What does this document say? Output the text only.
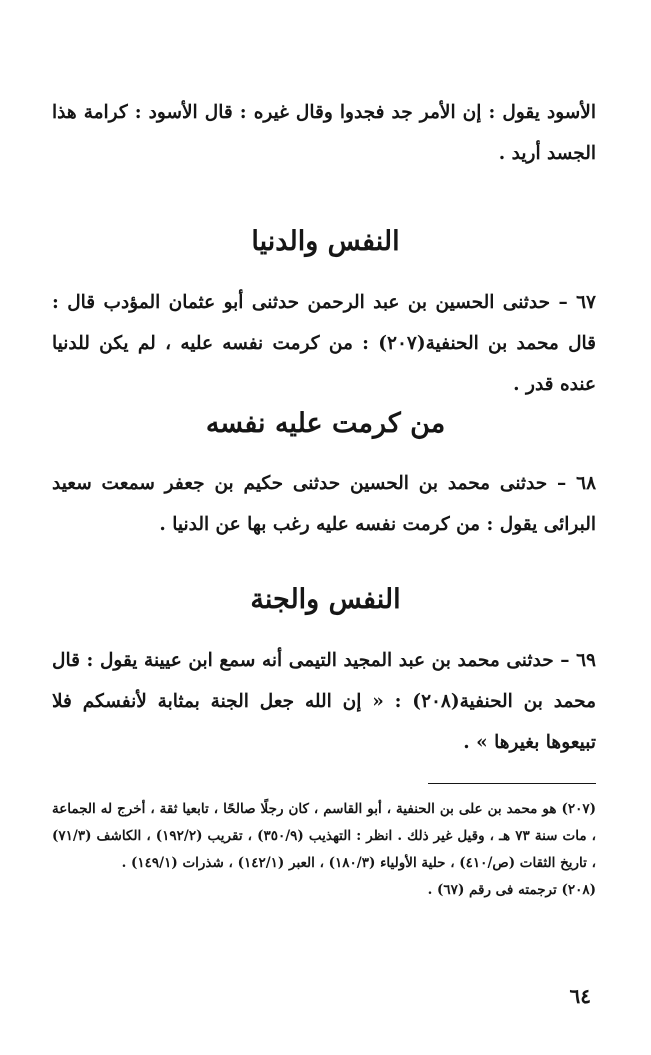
الأسود يقول : إن الأمر جد فجدوا وقال غيره : قال الأسود : كرامة هذا الجسد أريد .

النفس والدنيا

٦٧ – حدثنى الحسين بن عبد الرحمن حدثنى أبو عثمان المؤدب قال : قال محمد بن الحنفية(٢٠٧) : من كرمت نفسه عليه ، لم يكن للدنيا عنده قدر .

من كرمت عليه نفسه

٦٨ – حدثنى محمد بن الحسين حدثنى حكيم بن جعفر سمعت سعيد البرائى يقول : من كرمت نفسه عليه رغب بها عن الدنيا .

النفس والجنة

٦٩ – حدثنى محمد بن عبد المجيد التيمى أنه سمع ابن عيينة يقول : قال محمد بن الحنفية(٢٠٨) : « إن الله جعل الجنة بمثابة لأنفسكم فلا تبيعوها بغيرها » .

(٢٠٧) هو محمد بن على بن الحنفية ، أبو القاسم ، كان رجلًا صالحًا ، تابعيا ثقة ، أخرج له الجماعة ، مات سنة ٧٣ هـ ، وقيل غير ذلك . انظر : التهذيب (٣٥٠/٩) ، تقريب (١٩٢/٢) ، الكاشف (٧١/٣) ، تاريخ الثقات (ص/٤١٠) ، حلية الأولياء (١٨٠/٣) ، العبر (١٤٢/١) ، شذرات (١٤٩/١) .

(٢٠٨) ترجمته فى رقم (٦٧) .

٦٤
